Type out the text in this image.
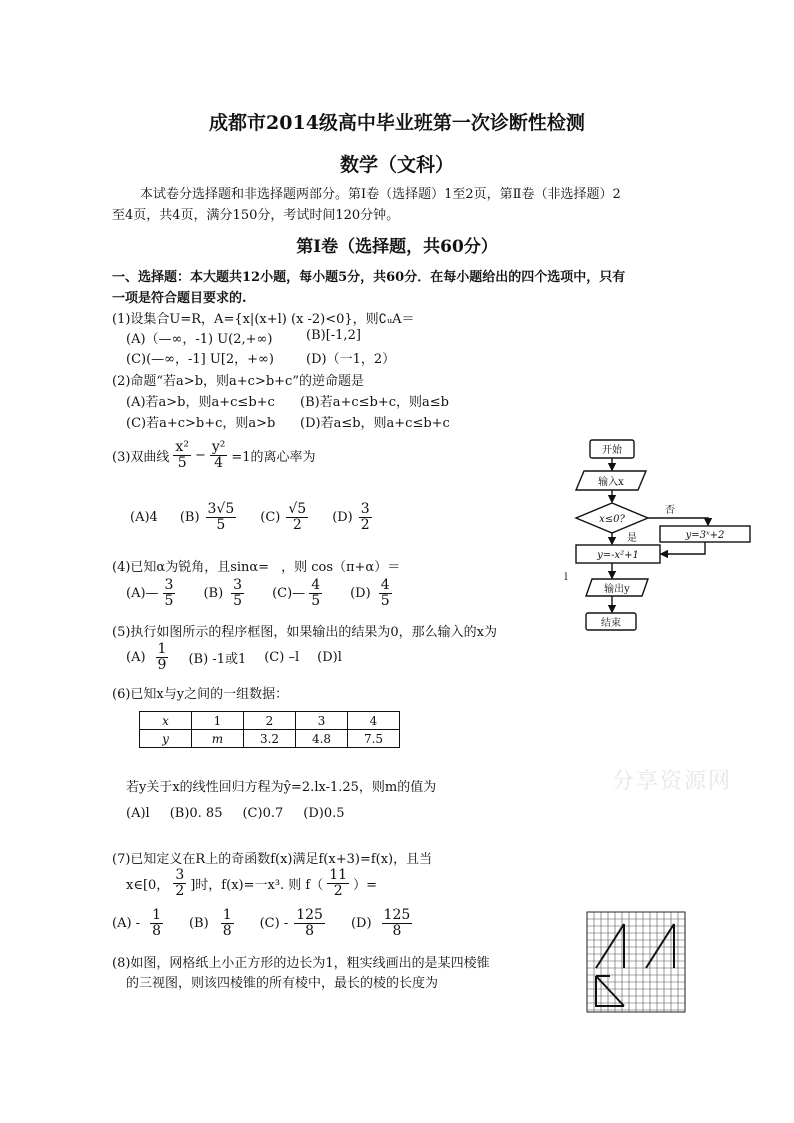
成都市2014级高中毕业班第一次诊断性检测
数学（文科）
本试卷分选择题和非选择题两部分。第Ⅰ卷（选择题）1至2页，第Ⅱ卷（非选择题）2
至4页，共4页，满分150分，考试时间120分钟。
第Ⅰ卷（选择题，共60分）
一、选择题：本大题共12小题，每小题5分，共60分．在每小题给出的四个选项中，只有
一项是符合题目要求的.
(1)设集合U=R，A={x|(x+l) (x -2)<0}，则∁ᵤA＝
(A)（—∞，-1) U(2,+∞)	(B)[-1,2]
(C)(—∞，-1] U[2，+∞) (D)（一1，2）
(2)命题“若a>b，则a+c>b+c”的逆命题是
(A)若a>b，则a+c≤b+c (B)若a+c≤b+c，则a≤b
(C)若a+c>b+c，则a>b (D)若a≤b，则a+c≤b+c
(3)双曲线 $\frac{\text{x²}}{5} - \frac{\text{y²}}{4} =1$的离心率为
(A)4 $(B) \frac{3√5}{5} (C) \frac{√5}{2} (D) \frac{3}{2}$
(4)已知α为锐角，且sinα= ，则 cos（π+α）＝
(A)— $\frac{3}{5} (B) \frac{3}{5}$ (C)— $\frac{4}{5} (D) \frac{4}{5}$
(5)执行如图所示的程序框图，如果输出的结果为0，那么输入的x为
$(A) \frac{1}{9} (B)$ -1或1 (C) –l (D)l
(6)已知x与y之间的一组数据：
x	1	2	3	4
y	m	3.2	4.8	7.5
若y关于x的线性回归方程为ŷ=2.lx-1.25，则m的值为	分享资源网
(A)l (B)0. 85 (C)0.7 (D)0.5
(7)已知定义在R上的奇函数f(x)满足f(x+3)=f(x)，且当
x∈[0， $\frac{3}{2}$ ]时，f(x)=一x³. 则 $f( \frac{11}{2}$ ）=
$(A) - \frac{1}{8} (B) \frac{1}{8} (C) - \frac{125}{8} (D) \frac{125}{8}$
(8)如图，网格纸上小正方形的边长为1，粗实线画出的是某四棱锥
的三视图，则该四棱锥的所有棱中，最长的棱的长度为
开始
输入x
x≤0?
否
y=3ˣ+2
是
y=-x²+1
输出y
结束
l
